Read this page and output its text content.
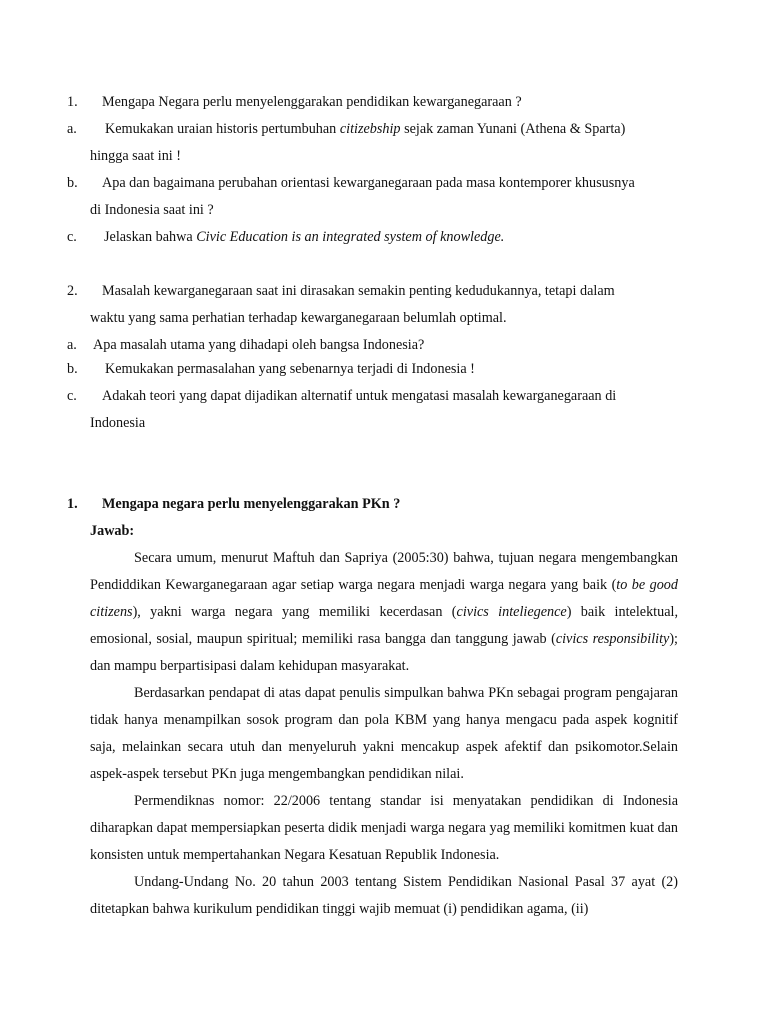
1.	Mengapa Negara perlu menyelenggarakan pendidikan kewarganegaraan ?
a.	Kemukakan uraian historis pertumbuhan citizebship sejak zaman Yunani (Athena & Sparta)
hingga saat ini !
b.	Apa dan bagaimana perubahan orientasi kewarganegaraan pada masa kontemporer khususnya
di Indonesia saat ini ?
c.	Jelaskan bahwa Civic Education is an integrated system of knowledge.
2.	Masalah kewarganegaraan saat ini dirasakan semakin penting kedudukannya, tetapi dalam
waktu yang sama perhatian terhadap kewarganegaraan belumlah optimal.
a.	Apa masalah utama yang dihadapi oleh bangsa Indonesia?
b.	Kemukakan permasalahan yang sebenarnya terjadi di Indonesia !
c.	Adakah teori yang dapat dijadikan alternatif untuk mengatasi masalah kewarganegaraan di
Indonesia
1.	Mengapa negara perlu menyelenggarakan PKn ?
Jawab:
Secara umum, menurut Maftuh dan Sapriya (2005:30) bahwa, tujuan negara mengembangkan Pendiddikan Kewarganegaraan agar setiap warga negara menjadi warga negara yang baik (to be good citizens), yakni warga negara yang memiliki kecerdasan (civics inteliegence) baik intelektual, emosional, sosial, maupun spiritual; memiliki rasa bangga dan tanggung jawab (civics responsibility); dan mampu berpartisipasi dalam kehidupan masyarakat.
Berdasarkan pendapat di atas dapat penulis simpulkan bahwa PKn sebagai program pengajaran tidak hanya menampilkan sosok program dan pola KBM yang hanya mengacu pada aspek kognitif saja, melainkan secara utuh dan menyeluruh yakni mencakup aspek afektif dan psikomotor.Selain aspek-aspek tersebut PKn juga mengembangkan pendidikan nilai.
Permendiknas nomor: 22/2006 tentang standar isi menyatakan pendidikan di Indonesia diharapkan dapat mempersiapkan peserta didik menjadi warga negara yag memiliki komitmen kuat dan konsisten untuk mempertahankan Negara Kesatuan Republik Indonesia.
Undang-Undang No. 20 tahun 2003 tentang Sistem Pendidikan Nasional Pasal 37 ayat (2) ditetapkan bahwa kurikulum pendidikan tinggi wajib memuat (i) pendidikan agama, (ii)
